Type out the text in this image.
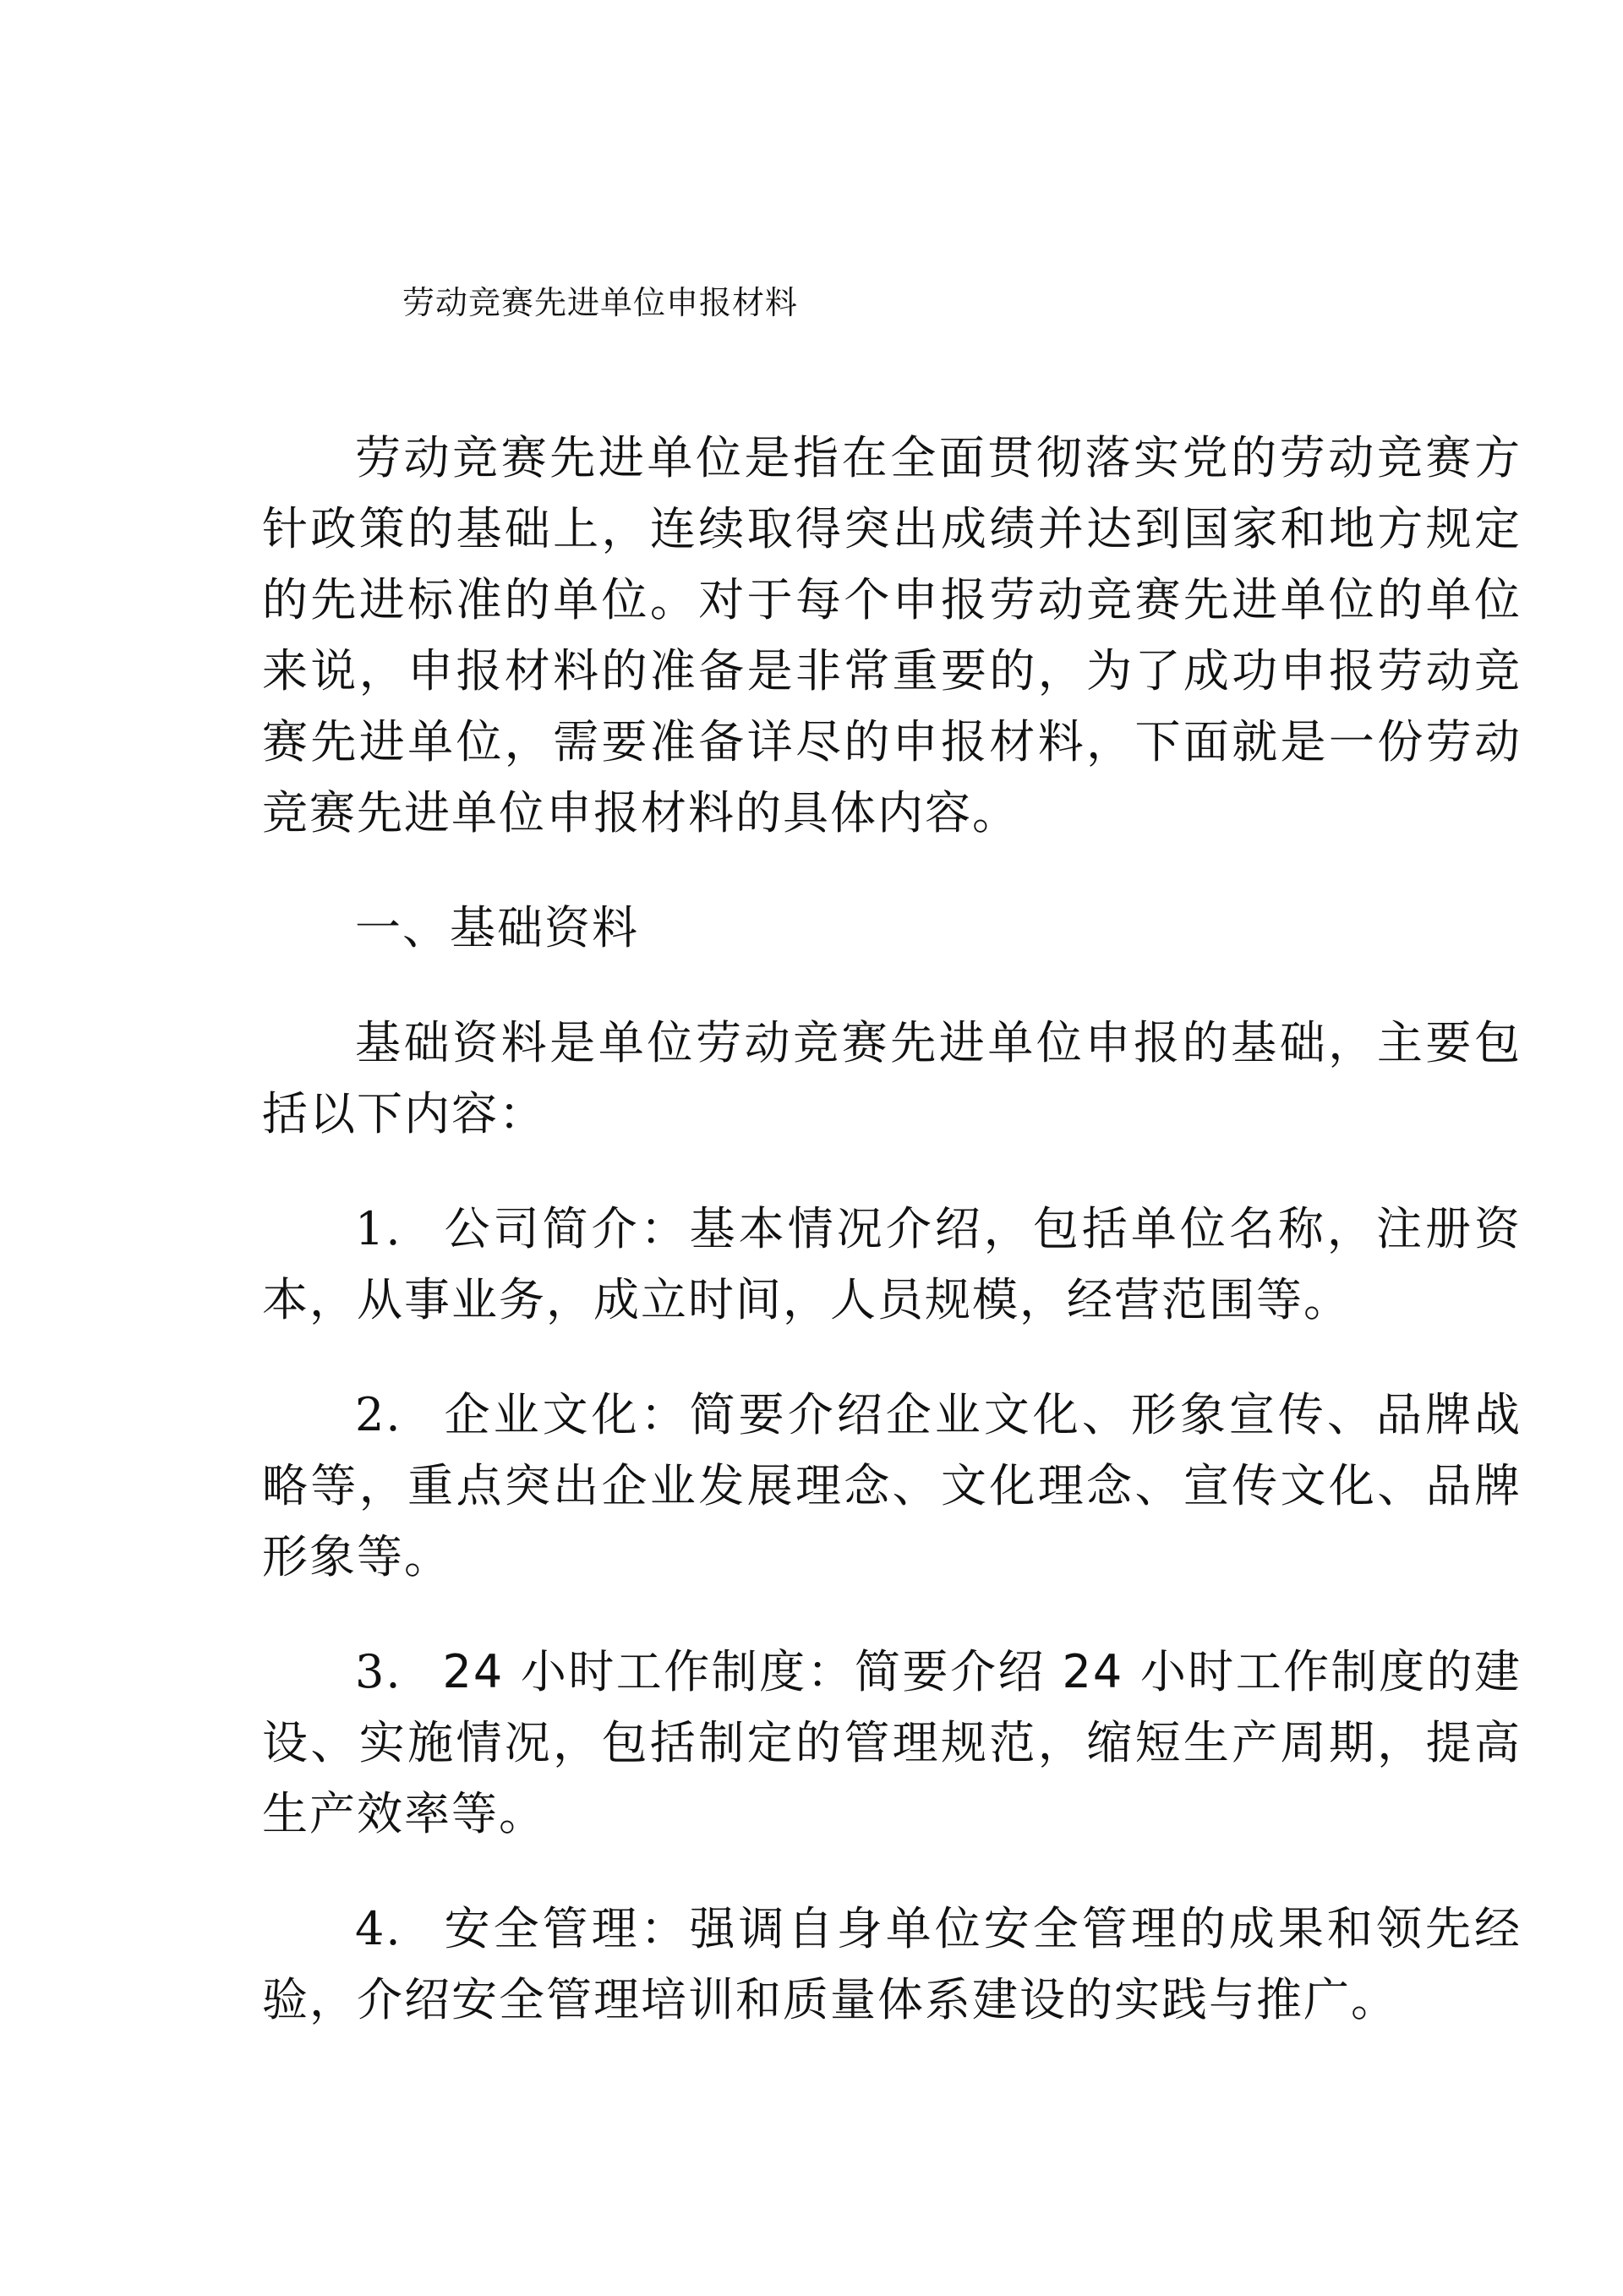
劳动竞赛先进单位申报材料

劳动竞赛先进单位是指在全面贯彻落实党的劳动竞赛方针政策的基础上，连续取得突出成绩并达到国家和地方规定的先进标准的单位。对于每个申报劳动竞赛先进单位的单位来说，申报材料的准备是非常重要的，为了成功申报劳动竞赛先进单位，需要准备详尽的申报材料，下面就是一份劳动竞赛先进单位申报材料的具体内容。

一、基础资料

基础资料是单位劳动竞赛先进单位申报的基础，主要包括以下内容：

1. 公司简介：基本情况介绍，包括单位名称，注册资本，从事业务，成立时间，人员规模，经营范围等。

2. 企业文化：简要介绍企业文化、形象宣传、品牌战略等，重点突出企业发展理念、文化理念、宣传文化、品牌形象等。

3. 24 小时工作制度：简要介绍 24 小时工作制度的建设、实施情况，包括制定的管理规范，缩短生产周期，提高生产效率等。

4. 安全管理：强调自身单位安全管理的成果和领先经验，介绍安全管理培训和质量体系建设的实践与推广。
